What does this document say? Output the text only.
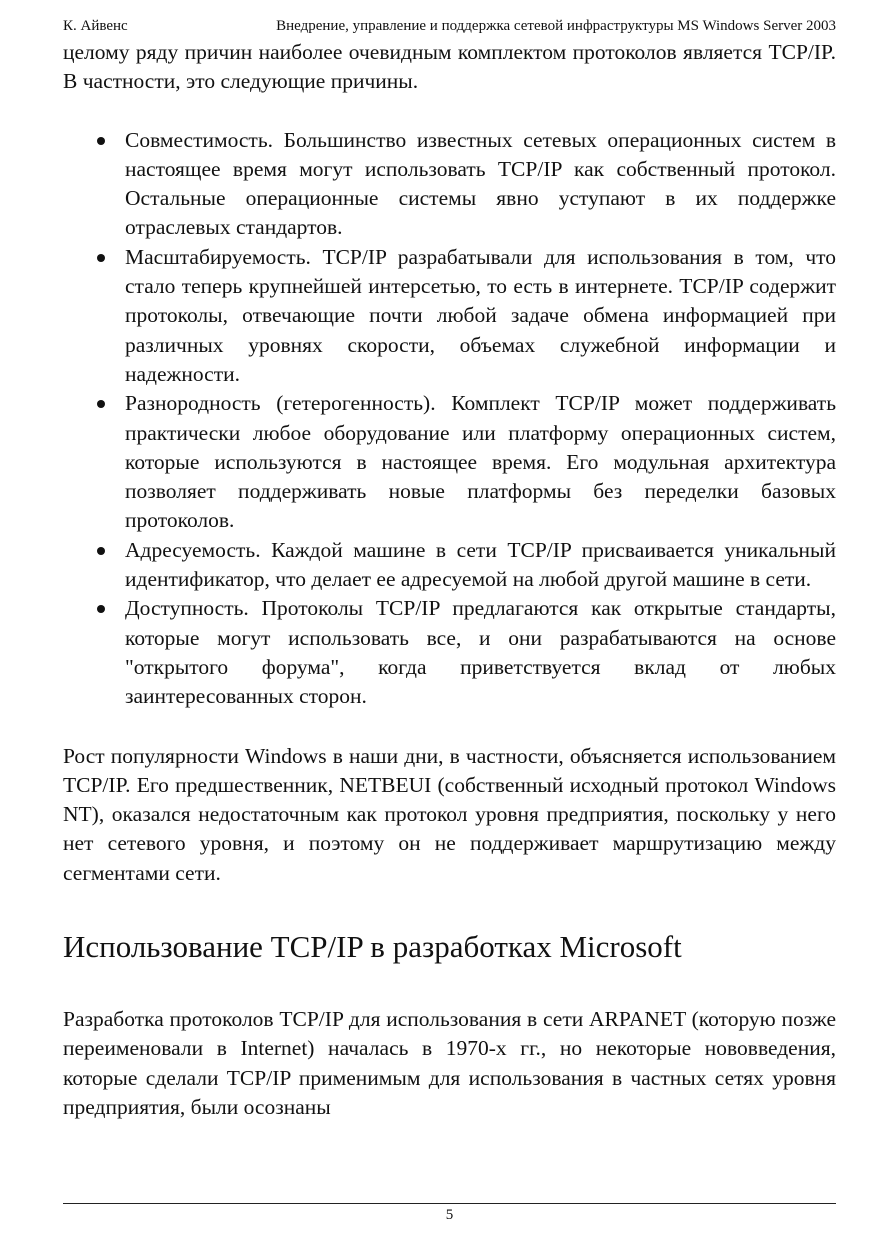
К. Айвенс	Внедрение, управление и поддержка сетевой инфраструктуры MS Windows Server 2003

целому ряду причин наиболее очевидным комплектом протоколов является TCP/IP. В частности, это следующие причины.

Совместимость. Большинство известных сетевых операционных систем в настоящее время могут использовать TCP/IP как собственный протокол. Остальные операционные системы явно уступают в их поддержке отраслевых стандартов.
Масштабируемость. TCP/IP разрабатывали для использования в том, что стало теперь крупнейшей интерсетью, то есть в интернете. TCP/IP содержит протоколы, отвечающие почти любой задаче обмена информацией при различных уровнях скорости, объемах служебной информации и надежности.
Разнородность (гетерогенность). Комплект TCP/IP может поддерживать практически любое оборудование или платформу операционных систем, которые используются в настоящее время. Его модульная архитектура позволяет поддерживать новые платформы без переделки базовых протоколов.
Адресуемость. Каждой машине в сети TCP/IP присваивается уникальный идентификатор, что делает ее адресуемой на любой другой машине в сети.
Доступность. Протоколы TCP/IP предлагаются как открытые стандарты, которые могут использовать все, и они разрабатываются на основе "открытого форума", когда приветствуется вклад от любых заинтересованных сторон.

Рост популярности Windows в наши дни, в частности, объясняется использованием TCP/IP. Его предшественник, NETBEUI (собственный исходный протокол Windows NT), оказался недостаточным как протокол уровня предприятия, поскольку у него нет сетевого уровня, и поэтому он не поддерживает маршрутизацию между сегментами сети.

Использование TCP/IP в разработках Microsoft

Разработка протоколов TCP/IP для использования в сети ARPANET (которую позже переименовали в Internet) началась в 1970-х гг., но некоторые нововведения, которые сделали TCP/IP применимым для использования в частных сетях уровня предприятия, были осознаны

5
